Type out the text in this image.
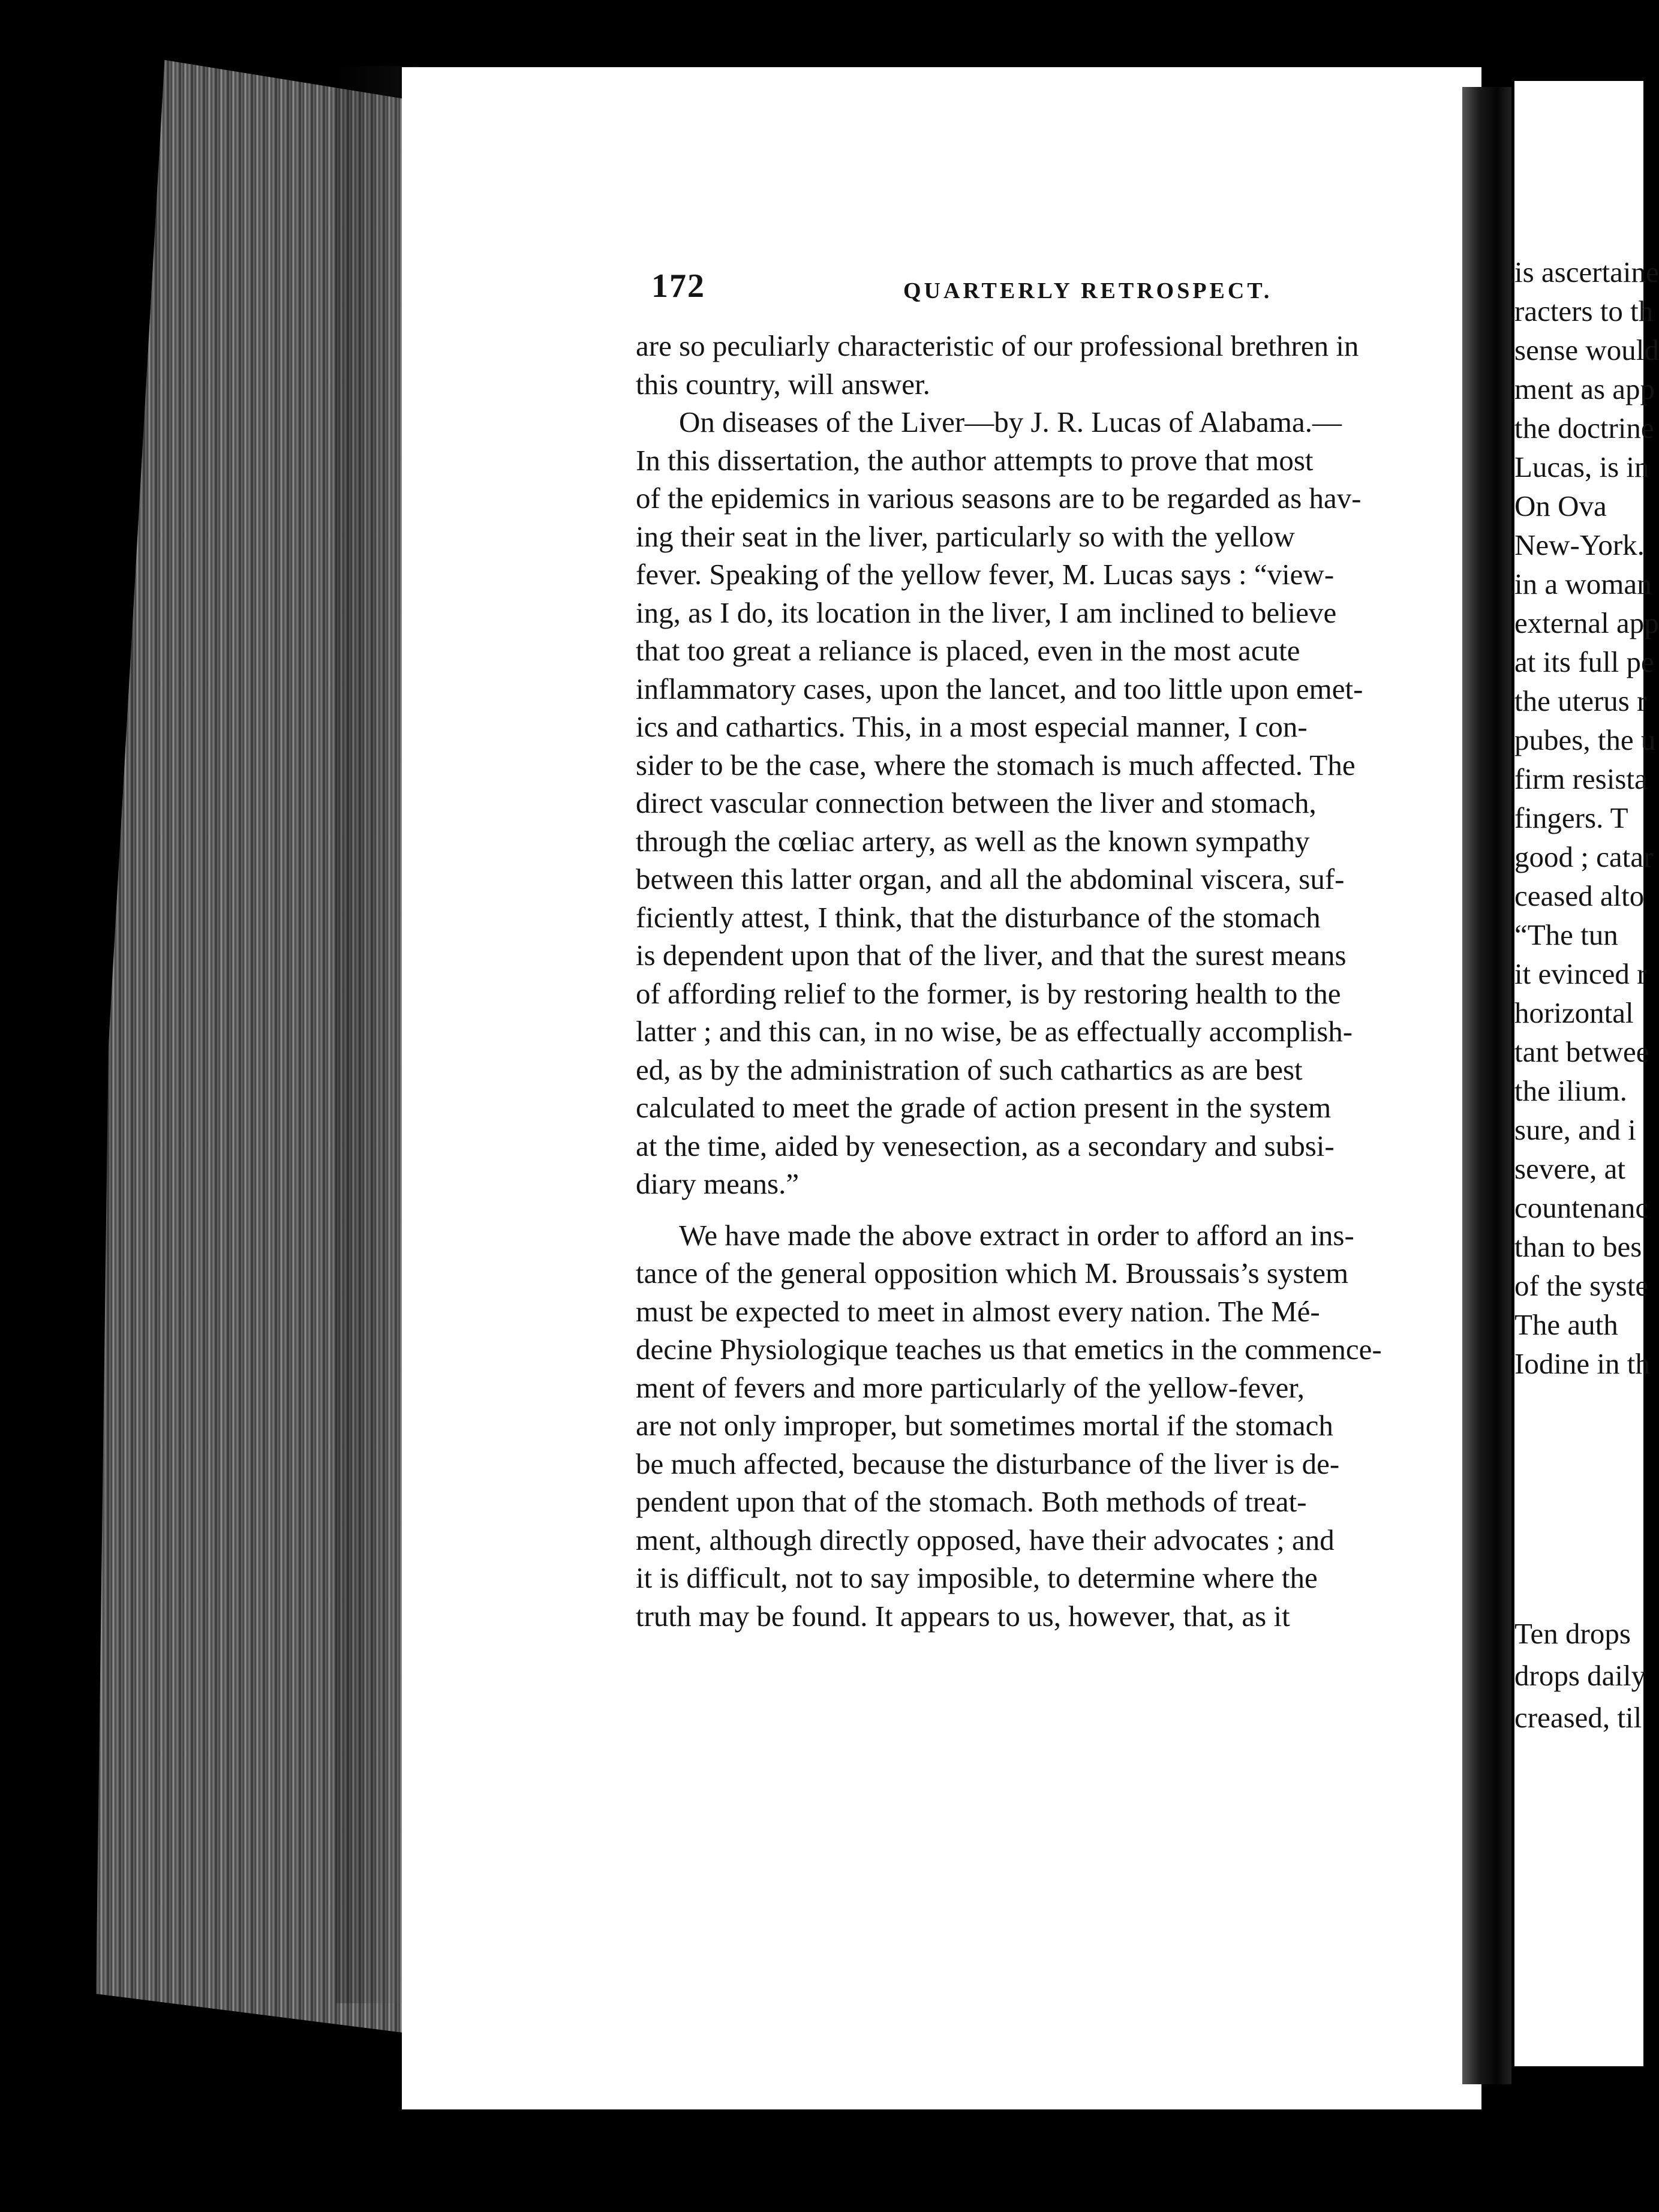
172	QUARTERLY RETROSPECT.
are so peculiarly characteristic of our professional brethren in
this country, will answer.
On diseases of the Liver—by J. R. Lucas of Alabama.—
In this dissertation, the author attempts to prove that most
of the epidemics in various seasons are to be regarded as hav-
ing their seat in the liver, particularly so with the yellow
fever. Speaking of the yellow fever, M. Lucas says : “view-
ing, as I do, its location in the liver, I am inclined to believe
that too great a reliance is placed, even in the most acute
inflammatory cases, upon the lancet, and too little upon emet-
ics and cathartics. This, in a most especial manner, I con-
sider to be the case, where the stomach is much affected. The
direct vascular connection between the liver and stomach,
through the cœliac artery, as well as the known sympathy
between this latter organ, and all the abdominal viscera, suf-
ficiently attest, I think, that the disturbance of the stomach
is dependent upon that of the liver, and that the surest means
of affording relief to the former, is by restoring health to the
latter ; and this can, in no wise, be as effectually accomplish-
ed, as by the administration of such cathartics as are best
calculated to meet the grade of action present in the system
at the time, aided by venesection, as a secondary and subsi-
diary means.”
We have made the above extract in order to afford an ins-
tance of the general opposition which M. Broussais’s system
must be expected to meet in almost every nation. The Mé-
decine Physiologique teaches us that emetics in the commence-
ment of fevers and more particularly of the yellow-fever,
are not only improper, but sometimes mortal if the stomach
be much affected, because the disturbance of the liver is de-
pendent upon that of the stomach. Both methods of treat-
ment, although directly opposed, have their advocates ; and
it is difficult, not to say imposible, to determine where the
truth may be found. It appears to us, however, that, as it
is ascertaine
racters to th
sense would
ment as app
the doctrine
Lucas, is in
On Ova
New-York.
in a woman
external app
at its full pe
the uterus r
pubes, the u
firm resista
fingers. T
good ; catar
ceased alto
“The tun
it evinced r
horizontal
tant betwee
the ilium.
sure, and i
severe, at
countenanc
than to bes
of the syste
The auth
Iodine in th
Ten drops
drops daily
creased, til
